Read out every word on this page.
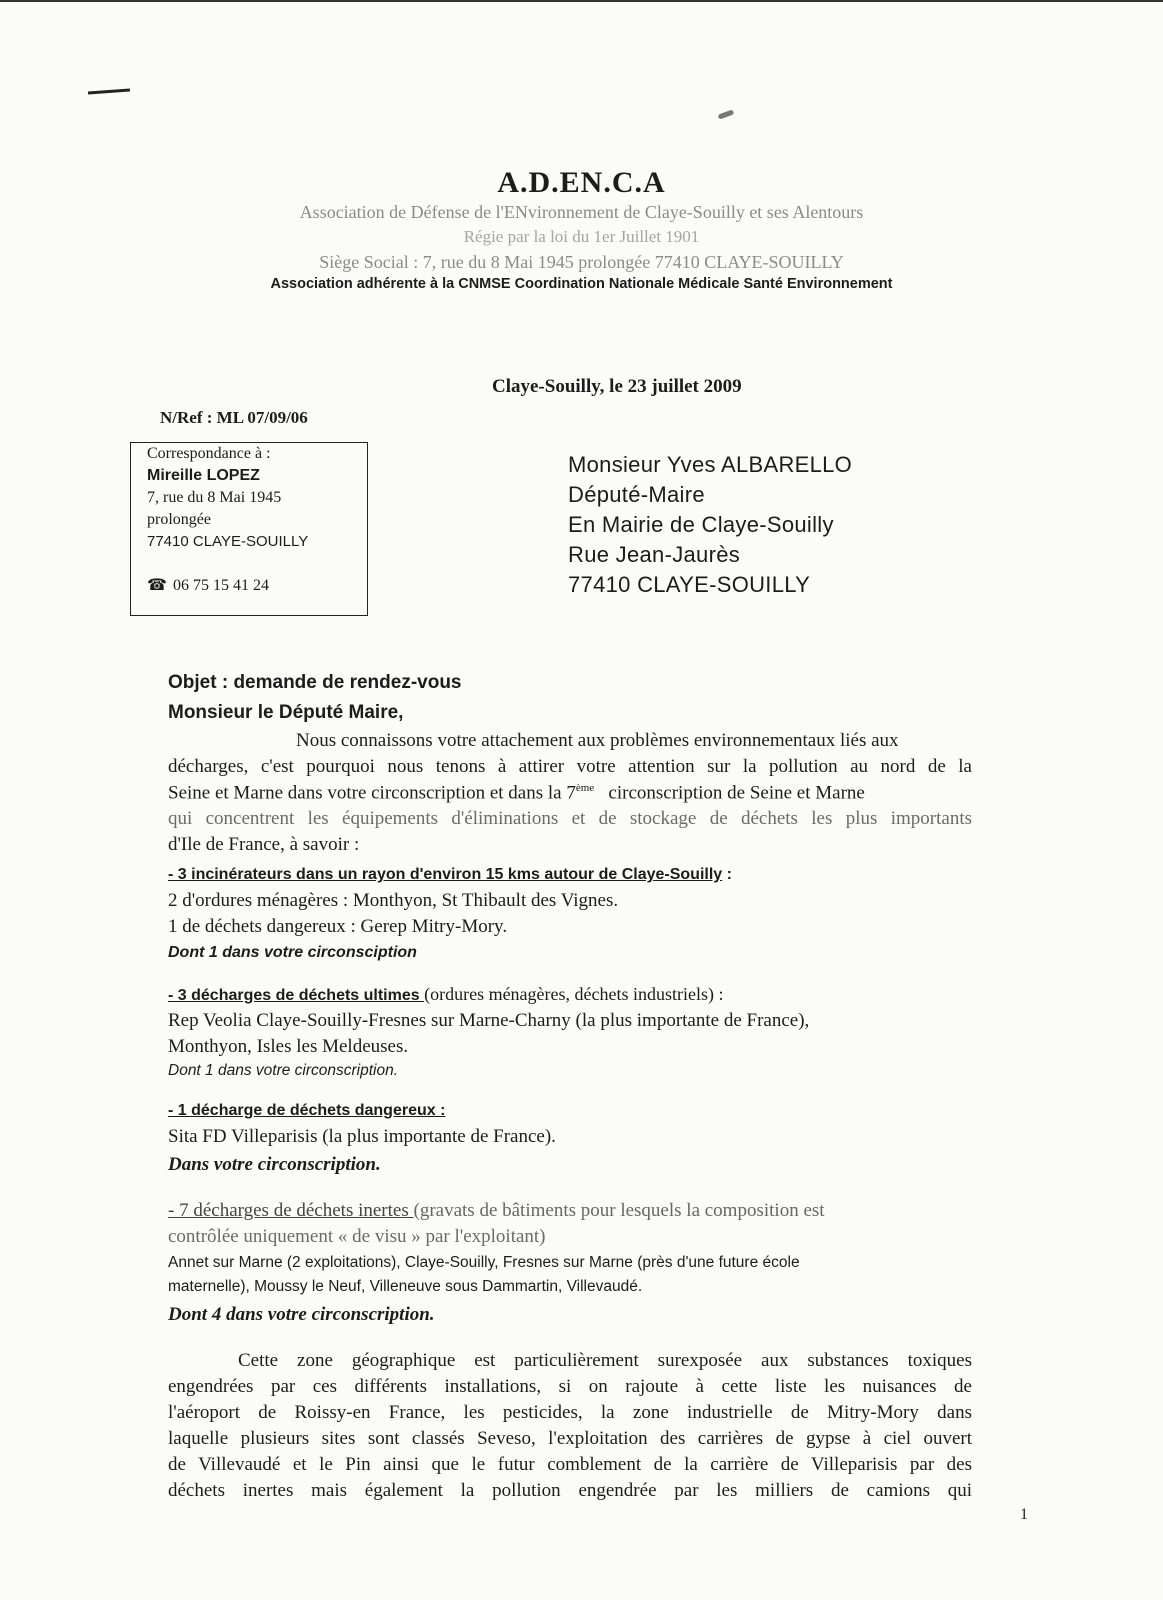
A.D.EN.C.A
Association de Défense de l'ENvironnement de Claye-Souilly et ses Alentours
Régie par la loi du 1er Juillet 1901
Siège Social : 7, rue du 8 Mai 1945 prolongée 77410 CLAYE-SOUILLY
Association adhérente à la CNMSE Coordination Nationale Médicale Santé Environnement
Claye-Souilly, le 23 juillet 2009
N/Ref : ML 07/09/06
Correspondance à :
Mireille LOPEZ
7, rue du 8 Mai 1945
prolongée
77410 CLAYE-SOUILLY
☎ 06 75 15 41 24
Monsieur Yves ALBARELLO
Député-Maire
En Mairie de Claye-Souilly
Rue Jean-Jaurès
77410 CLAYE-SOUILLY
Objet : demande de rendez-vous
Monsieur le Député Maire,
Nous connaissons votre attachement aux problèmes environnementaux liés aux
décharges, c'est pourquoi nous tenons à attirer votre attention sur la pollution au nord de la
Seine et Marne dans votre circonscription et dans la 7ème circonscription de Seine et Marne
qui concentrent les équipements d'éliminations et de stockage de déchets les plus importants
d'Ile de France, à savoir :
- 3 incinérateurs dans un rayon d'environ 15 kms autour de Claye-Souilly :
2 d'ordures ménagères : Monthyon, St Thibault des Vignes.
1 de déchets dangereux : Gerep Mitry-Mory.
Dont 1 dans votre circonsciption
- 3 décharges de déchets ultimes (ordures ménagères, déchets industriels) :
Rep Veolia Claye-Souilly-Fresnes sur Marne-Charny (la plus importante de France),
Monthyon, Isles les Meldeuses.
Dont 1 dans votre circonscription.
- 1 décharge de déchets dangereux :
Sita FD Villeparisis (la plus importante de France).
Dans votre circonscription.
- 7 décharges de déchets inertes (gravats de bâtiments pour lesquels la composition est
contrôlée uniquement « de visu » par l'exploitant)
Annet sur Marne (2 exploitations), Claye-Souilly, Fresnes sur Marne (près d'une future école
maternelle), Moussy le Neuf, Villeneuve sous Dammartin, Villevaudé.
Dont 4 dans votre circonscription.
Cette zone géographique est particulièrement surexposée aux substances toxiques
engendrées par ces différents installations, si on rajoute à cette liste les nuisances de
l'aéroport de Roissy-en France, les pesticides, la zone industrielle de Mitry-Mory dans
laquelle plusieurs sites sont classés Seveso, l'exploitation des carrières de gypse à ciel ouvert
de Villevaudé et le Pin ainsi que le futur comblement de la carrière de Villeparisis par des
déchets inertes mais également la pollution engendrée par les milliers de camions qui
1
